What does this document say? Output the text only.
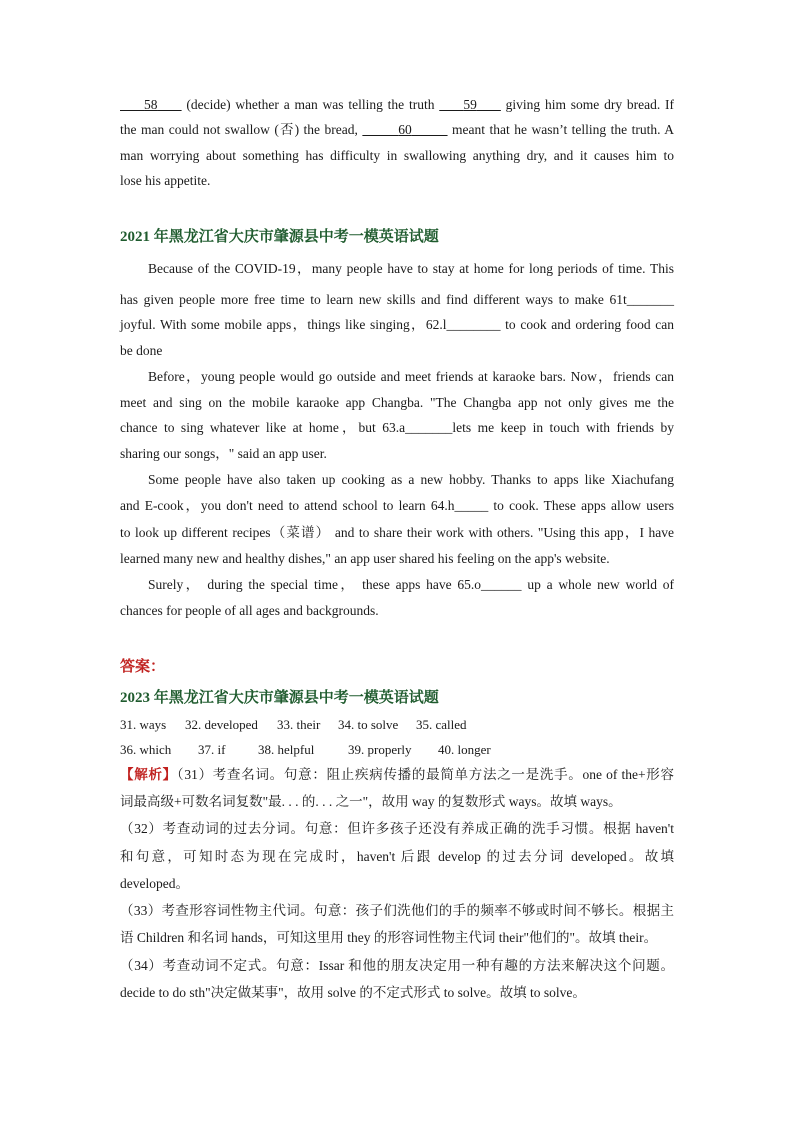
58      (decide) whether a man was telling the truth      59      giving him some dry bread. If
the man could not swallow (否) the bread,	60	meant that he wasn’t telling the truth. A
man worrying about something has difficulty in swallowing anything dry, and it causes him to
lose his appetite.
2021 年黑龙江省大庆市肇源县中考一模英语试题
Because of the COVID-19，many people have to stay at home for long periods of time. This
has given people more free time to learn new skills and find different ways to make 61t_______
joyful. With some mobile apps，things like singing，62.l________ to cook and ordering food can
be done
Before，young people would go outside and meet friends at karaoke bars. Now，friends can
meet and sing on the mobile karaoke app Changba. "The Changba app not only gives me the
chance to sing whatever like at home，but 63.a_______lets me keep in touch with friends by
sharing our songs，" said an app user.
Some people have also taken up cooking as a new hobby. Thanks to apps like Xiachufang
and E-cook，you don't need to attend school to learn 64.h_____ to cook. These apps allow users
to look up different recipes（菜谱） and to share their work with others. "Using this app，I have
learned many new and healthy dishes," an app user shared his feeling on the app's website.
Surely， during the special time， these apps have 65.o______ up a whole new world of
chances for people of all ages and backgrounds.
答案：
2023 年黑龙江省大庆市肇源县中考一模英语试题
31. ways 32. developed 33. their 34. to solve 35. called
36. which 37. if	38. helpful	39. properly 40. longer
【解析】（31）考查名词。句意：阻止疾病传播的最简单方法之一是洗手。one of the+形容
词最高级+可数名词复数"最. . . 的. . . 之一"，故用 way 的复数形式 ways。故填 ways。
（32）考查动词的过去分词。句意：但许多孩子还没有养成正确的洗手习惯。根据 haven't
和句意，可知时态为现在完成时，haven't 后跟 develop 的过去分词 developed。故填
developed。
（33）考查形容词性物主代词。句意：孩子们洗他们的手的频率不够或时间不够长。根据主
语 Children 和名词 hands，可知这里用 they 的形容词性物主代词 their"他们的"。故填 their。
（34）考查动词不定式。句意：Issar 和他的朋友决定用一种有趣的方法来解决这个问题。
decide to do sth"决定做某事"，故用 solve 的不定式形式 to solve。故填 to solve。
